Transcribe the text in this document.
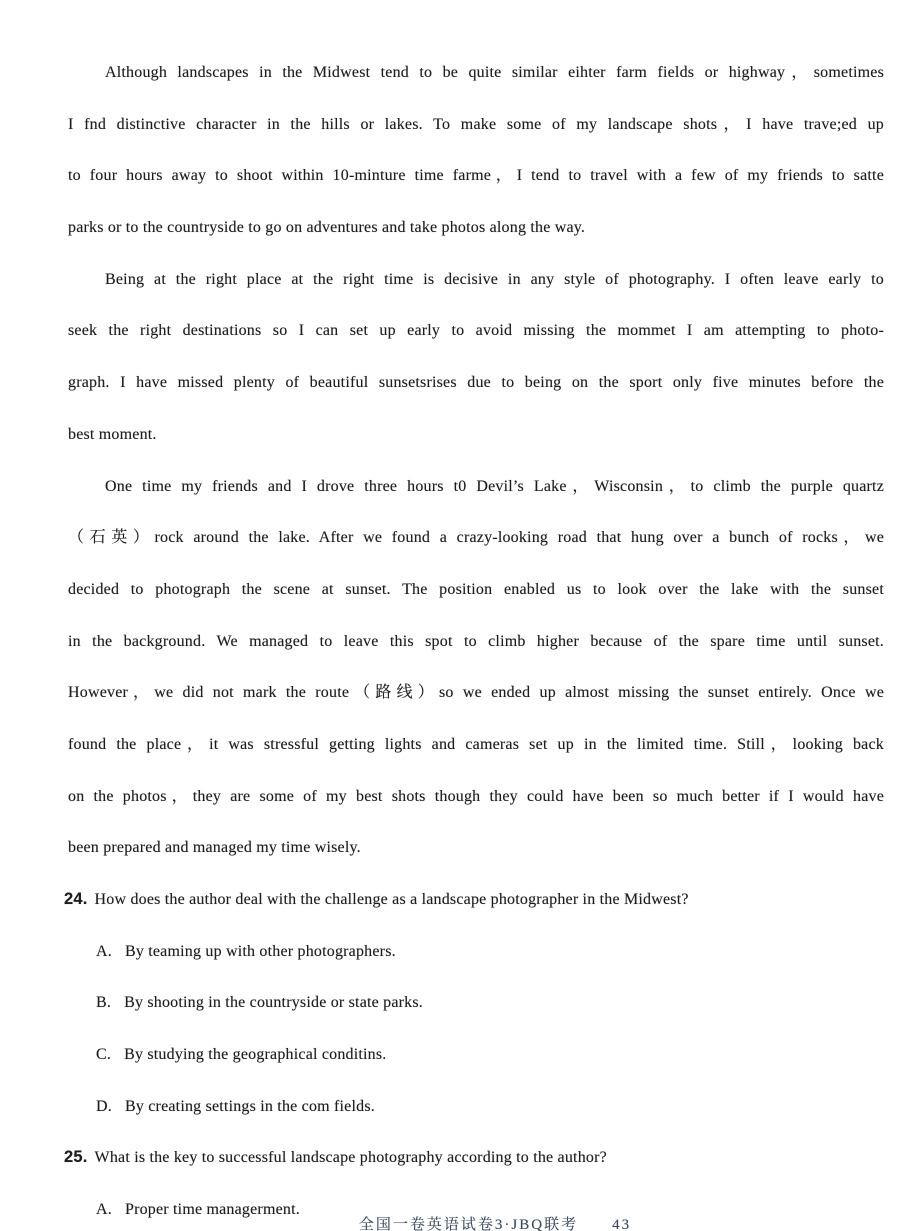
Although landscapes in the Midwest tend to be quite similar eihter farm fields or highway，sometimes
I fnd distinctive character in the hills or lakes. To make some of my landscape shots，I have trave;ed up
to four hours away to shoot within 10-minture time farme，I tend to travel with a few of my friends to satte
parks or to the countryside to go on adventures and take photos along the way.
Being at the right place at the right time is decisive in any style of photography. I often leave early to
seek the right destinations so I can set up early to avoid missing the mommet I am attempting to photo-
graph. I have missed plenty of beautiful sunsetsrises due to being on the sport only five minutes before the
best moment.
One time my friends and I drove three hours t0 Devil’s Lake，Wisconsin，to climb the purple quartz
（石英）rock around the lake. After we found a crazy-looking road that hung over a bunch of rocks，we
decided to photograph the scene at sunset. The position enabled us to look over the lake with the sunset
in the background. We managed to leave this spot to climb higher because of the spare time until sunset.
However，we did not mark the route（路线）so we ended up almost missing the sunset entirely. Once we
found the place，it was stressful getting lights and cameras set up in the limited time. Still，looking back
on the photos，they are some of my best shots though they could have been so much better if I would have
been prepared and managed my time wisely.
24. How does the author deal with the challenge as a landscape photographer in the Midwest?
A. By teaming up with other photographers.
B. By shooting in the countryside or state parks.
C. By studying the geographical conditins.
D. By creating settings in the com fields.
25. What is the key to successful landscape photography according to the author?
A. Proper time managerment.
全国一卷英语试卷3·JBQ联考　　43
